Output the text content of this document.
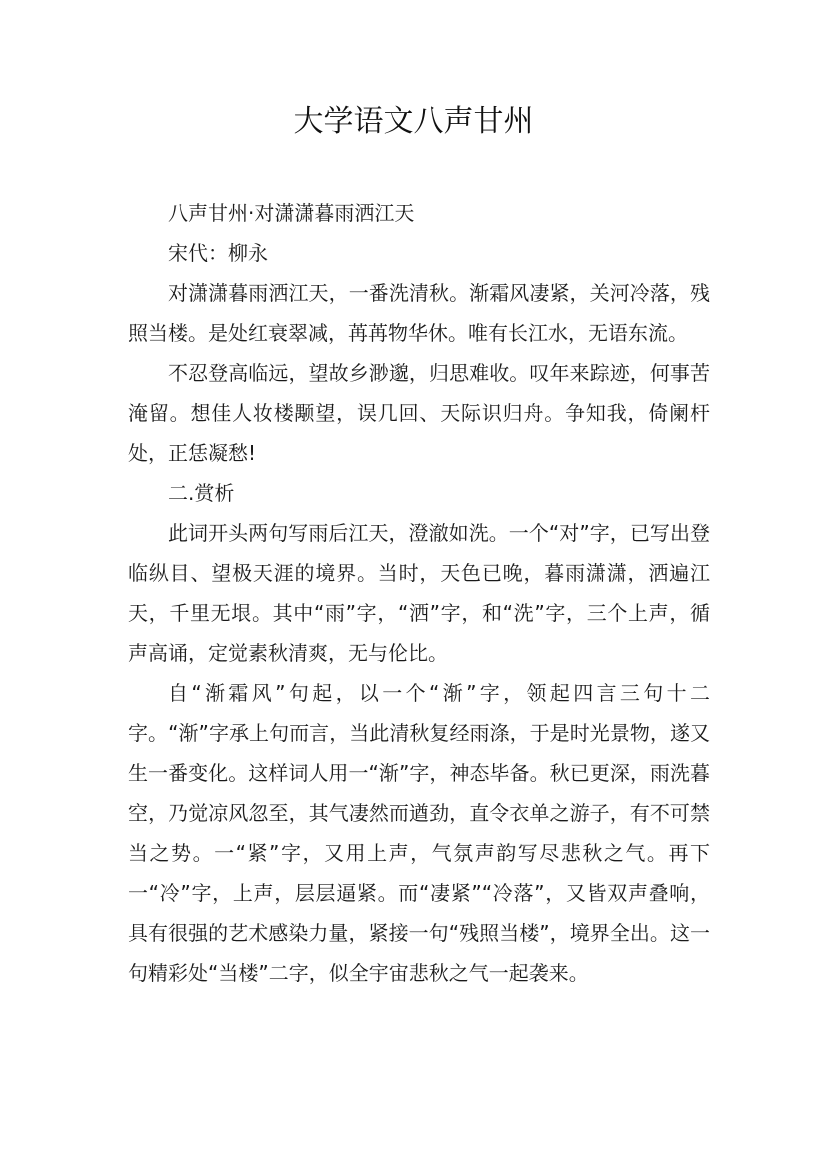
大学语文八声甘州

八声甘州·对潇潇暮雨洒江天

宋代：柳永

对潇潇暮雨洒江天，一番洗清秋。渐霜风凄紧，关河冷落，残照当楼。是处红衰翠减，苒苒物华休。唯有长江水，无语东流。

不忍登高临远，望故乡渺邈，归思难收。叹年来踪迹，何事苦淹留。想佳人妆楼颙望，误几回、天际识归舟。争知我，倚阑杆处，正恁凝愁!

二.赏析

此词开头两句写雨后江天，澄澈如洗。一个“对”字，已写出登临纵目、望极天涯的境界。当时，天色已晚，暮雨潇潇，洒遍江天，千里无垠。其中“雨”字，“洒”字，和“洗”字，三个上声，循声高诵，定觉素秋清爽，无与伦比。

自“渐霜风”句起，以一个“渐”字，领起四言三句十二字。“渐”字承上句而言，当此清秋复经雨涤，于是时光景物，遂又生一番变化。这样词人用一“渐”字，神态毕备。秋已更深，雨洗暮空，乃觉凉风忽至，其气凄然而遒劲，直令衣单之游子，有不可禁当之势。一“紧”字，又用上声，气氛声韵写尽悲秋之气。再下一“冷”字，上声，层层逼紧。而“凄紧”“冷落”，又皆双声叠响，具有很强的艺术感染力量，紧接一句“残照当楼”，境界全出。这一句精彩处“当楼”二字，似全宇宙悲秋之气一起袭来。
